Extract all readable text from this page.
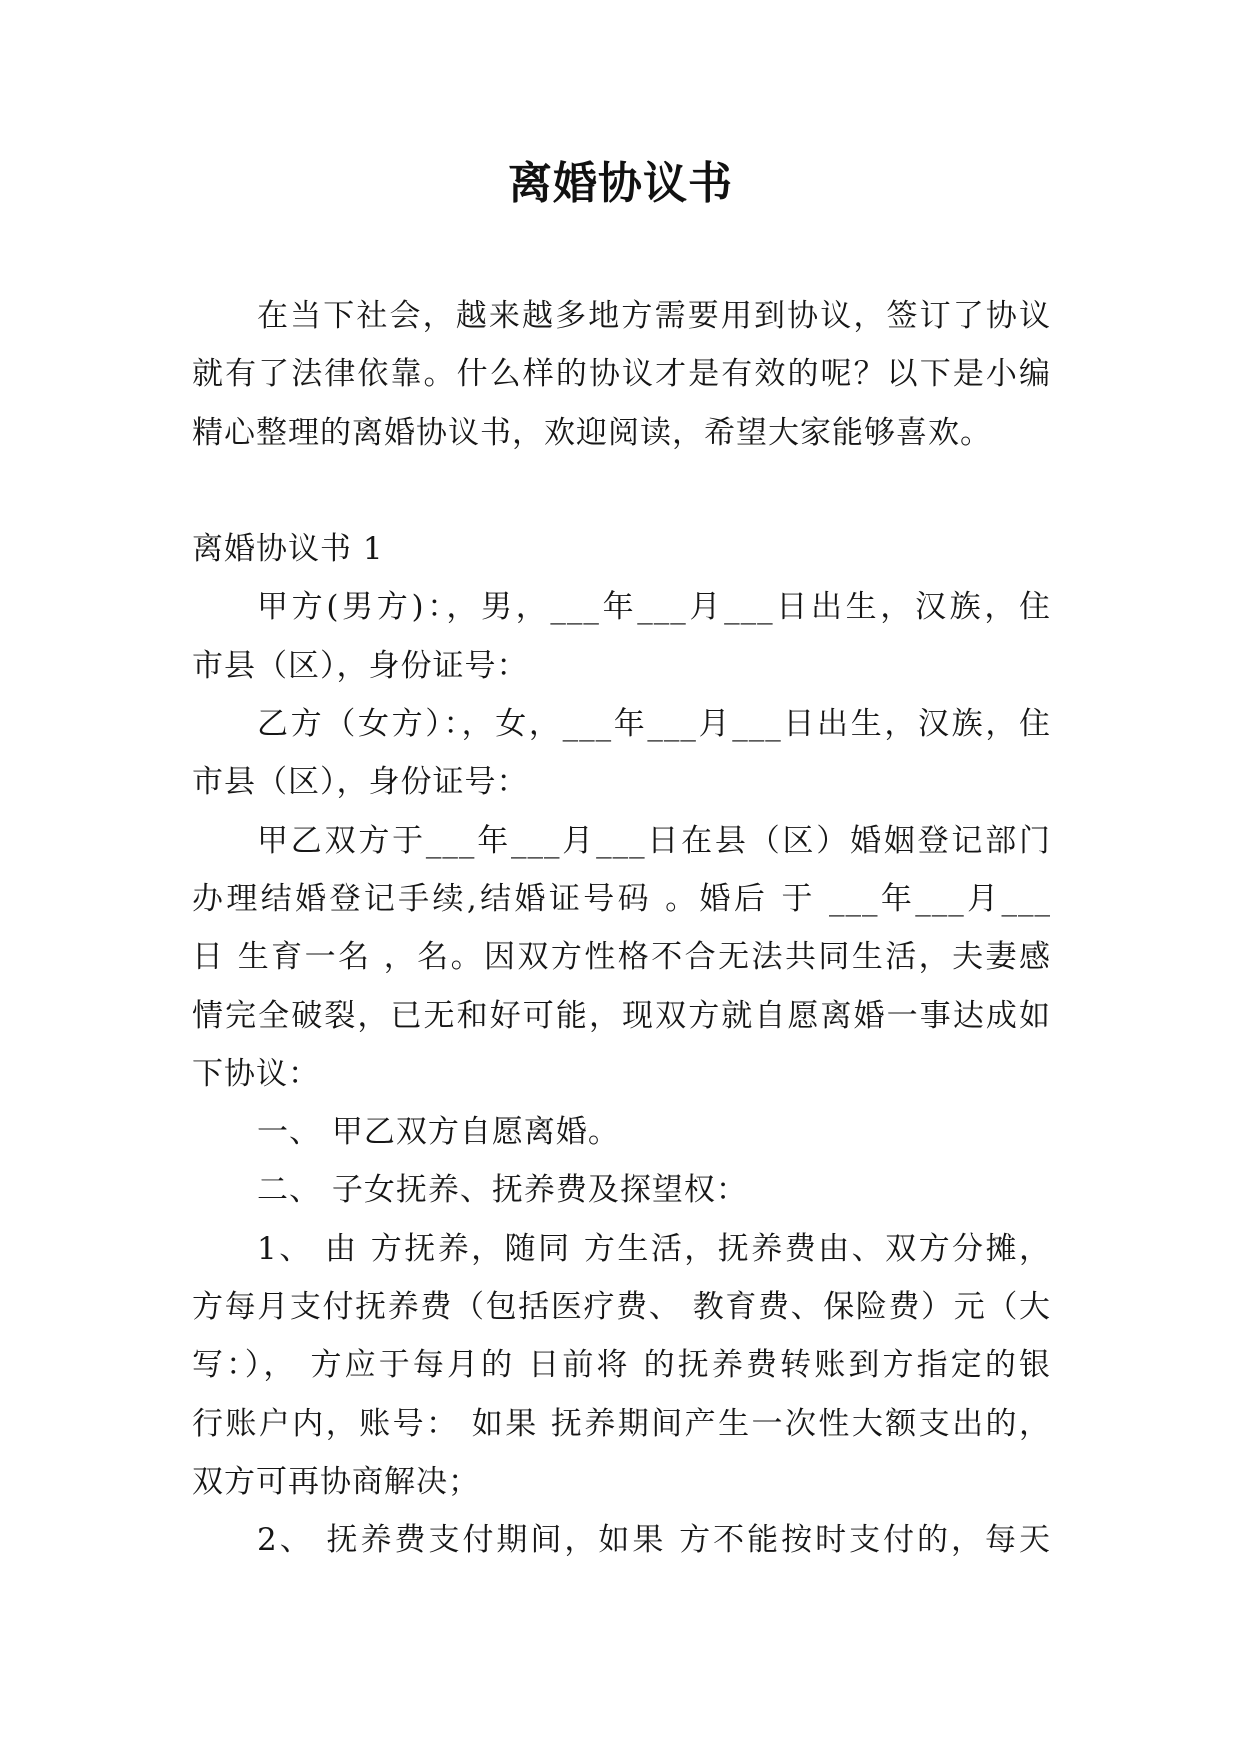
离婚协议书
在当下社会，越来越多地方需要用到协议，签订了协议
就有了法律依靠。什么样的协议才是有效的呢？以下是小编
精心整理的离婚协议书，欢迎阅读，希望大家能够喜欢。
离婚协议书 1
甲方(男方)：，男，___年___月___日出生，汉族，住
市县（区），身份证号：
乙方（女方）：，女，___年___月___日出生，汉族，住
市县（区），身份证号：
甲乙双方于___年___月___日在县（区）婚姻登记部门
办理结婚登记手续,结婚证号码 。婚后 于 ___年___月___
日 生育一名 ，名。因双方性格不合无法共同生活，夫妻感
情完全破裂，已无和好可能，现双方就自愿离婚一事达成如
下协议：
一、 甲乙双方自愿离婚。
二、 子女抚养、抚养费及探望权：
1、 由 方抚养，随同 方生活，抚养费由、双方分摊，
方每月支付抚养费（包括医疗费、 教育费、保险费）元（大
写：）， 方应于每月的 日前将 的抚养费转账到方指定的银
行账户内，账号： 如果 抚养期间产生一次性大额支出的，
双方可再协商解决；
2、 抚养费支付期间，如果 方不能按时支付的，每天
